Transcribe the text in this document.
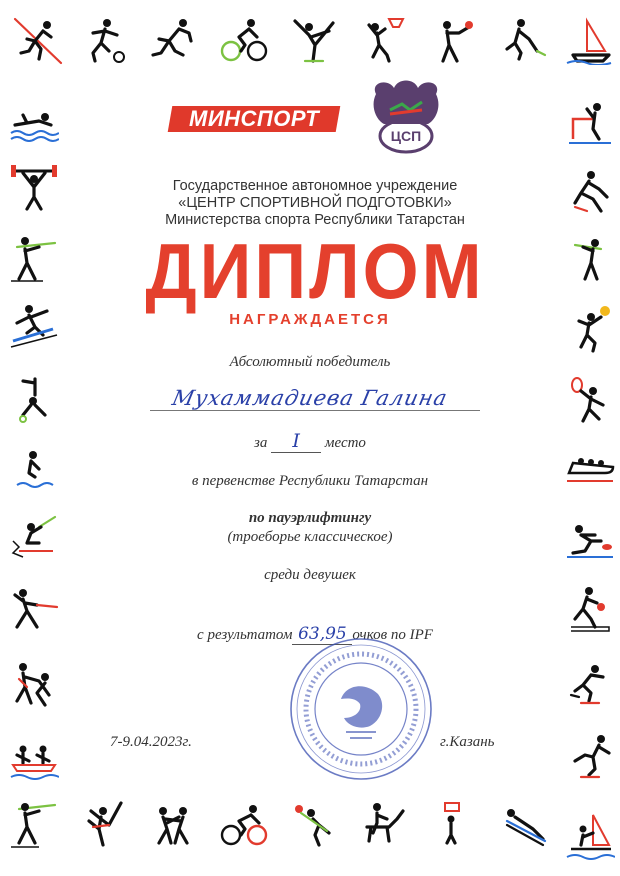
МИНСПОРТ
ЦСП
Государственное автономное учреждение
«ЦЕНТР СПОРТИВНОЙ ПОДГОТОВКИ»
Министерства спорта Республики Татарстан
ДИПЛОМ
НАГРАЖДАЕТСЯ
Абсолютный победитель
Мухаммадиева Галина
за I место
в первенстве Республики Татарстан
по пауэрлифтингу
(троеборье классическое)
среди девушек
с результатом 63,95 очков по IPF
7-9.04.2023г.	г.Казань
